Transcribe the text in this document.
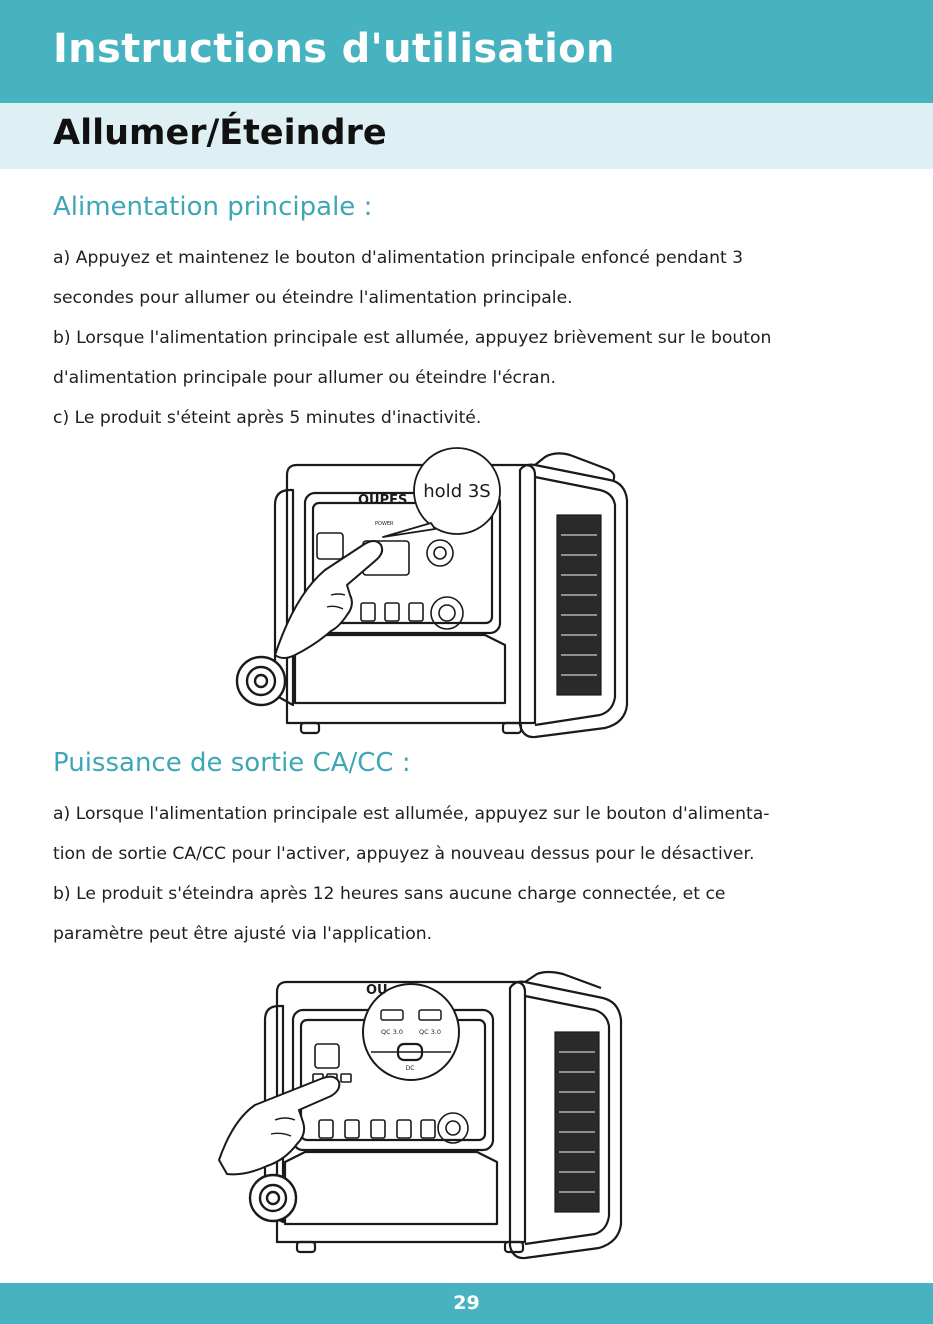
Instructions d'utilisation
Allumer/Éteindre
Alimentation principale :

a) Appuyez et maintenez le bouton d'alimentation principale enfoncé pendant 3

secondes pour allumer ou éteindre l'alimentation principale.

b) Lorsque l'alimentation principale est allumée, appuyez brièvement sur le bouton

d'alimentation principale pour allumer ou éteindre l'écran.

c) Le produit s'éteint après 5 minutes d'inactivité.

OUPES
POWER
hold 3S
Puissance de sortie CA/CC :

a) Lorsque l'alimentation principale est allumée, appuyez sur le bouton d'alimenta-

tion de sortie CA/CC pour l'activer, appuyez à nouveau dessus pour le désactiver.

b) Le produit s'éteindra après 12 heures sans aucune charge connectée, et ce

paramètre peut être ajusté via l'application.

QC 3.0 QC 3.0
DC
OU
29
